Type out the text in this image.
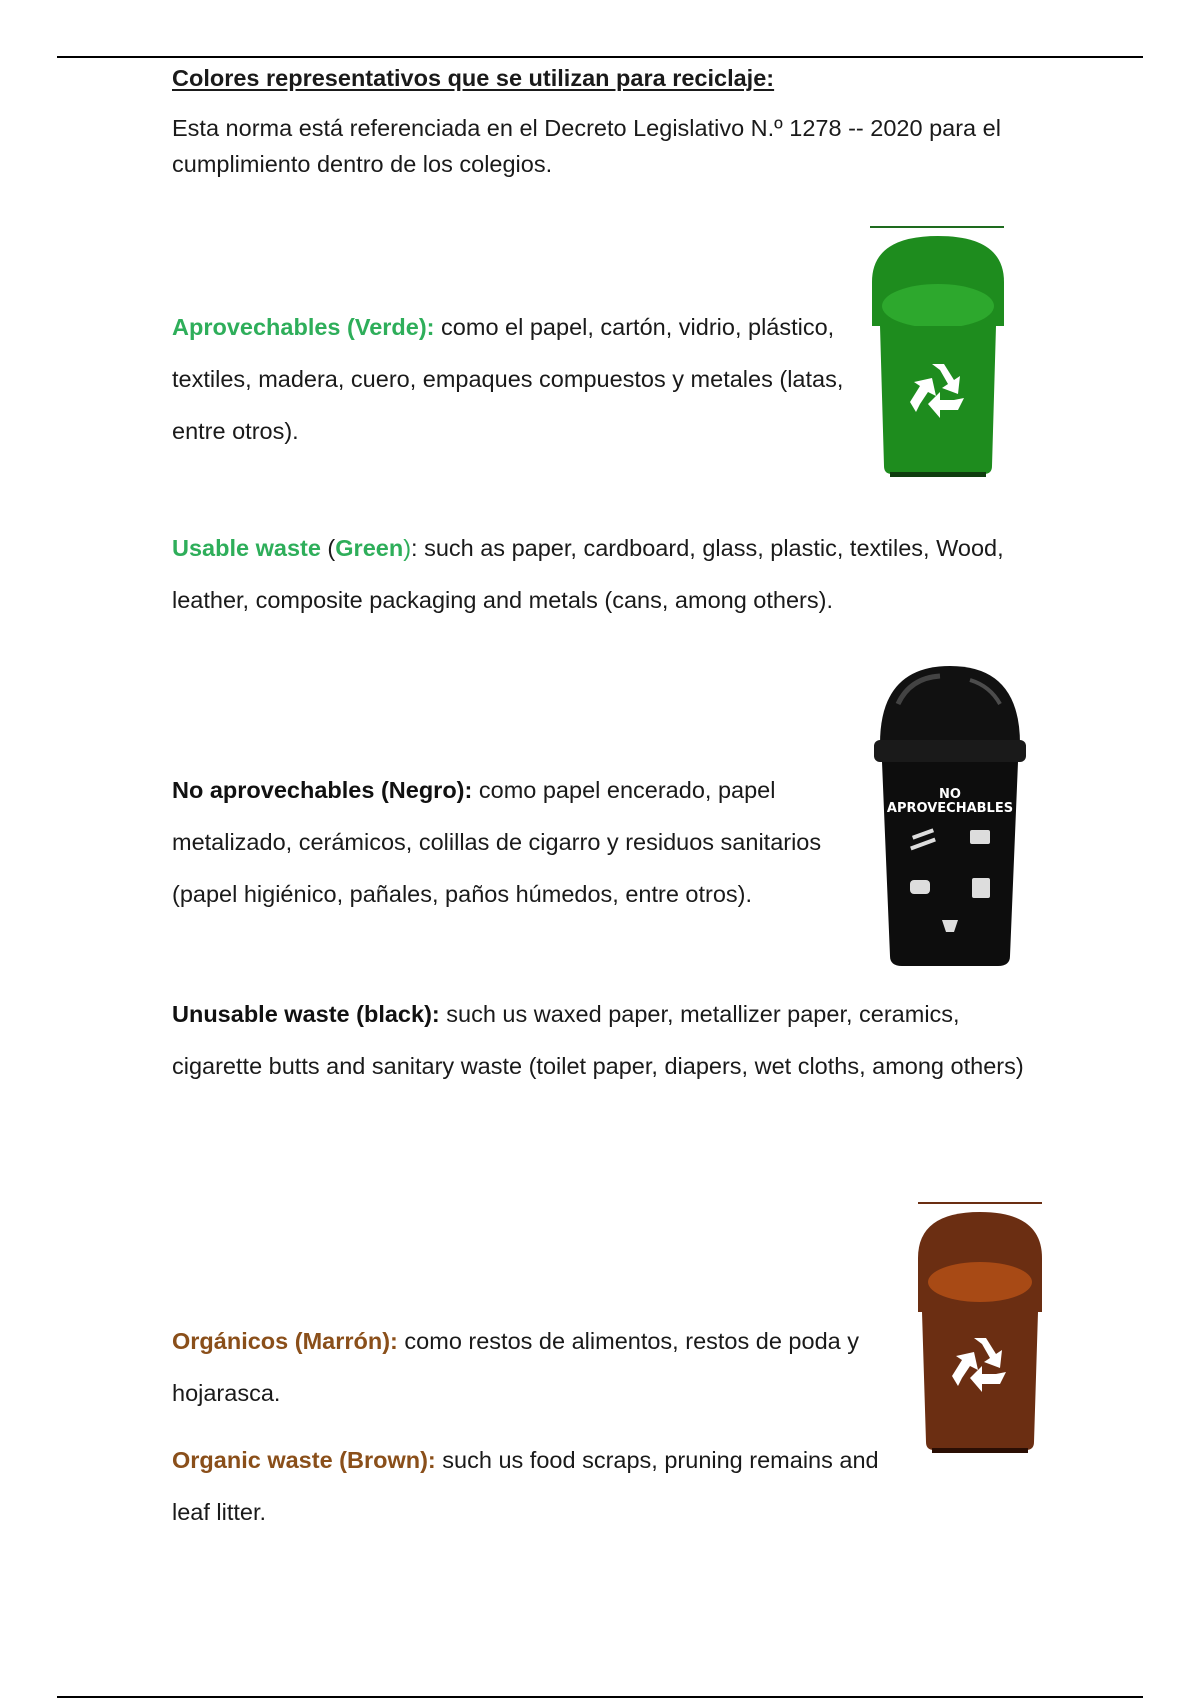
Colores representativos que se utilizan para reciclaje:
Esta norma está referenciada en el Decreto Legislativo N.º 1278 -- 2020 para el cumplimiento dentro de los colegios.
Aprovechables (Verde): como el papel, cartón, vidrio, plástico, textiles, madera, cuero, empaques compuestos y metales (latas, entre otros).
Usable waste (Green): such as paper, cardboard, glass, plastic, textiles, Wood, leather, composite packaging and metals (cans, among others).
NO
APROVECHABLES
No aprovechables (Negro): como papel encerado, papel metalizado, cerámicos, colillas de cigarro y residuos sanitarios (papel higiénico, pañales, paños húmedos, entre otros).
Unusable waste (black): such us waxed paper, metallizer paper, ceramics, cigarette butts and sanitary waste (toilet paper, diapers, wet cloths, among others)
Orgánicos (Marrón): como restos de alimentos, restos de poda y hojarasca.
Organic waste (Brown): such us food scraps, pruning remains and leaf litter.
